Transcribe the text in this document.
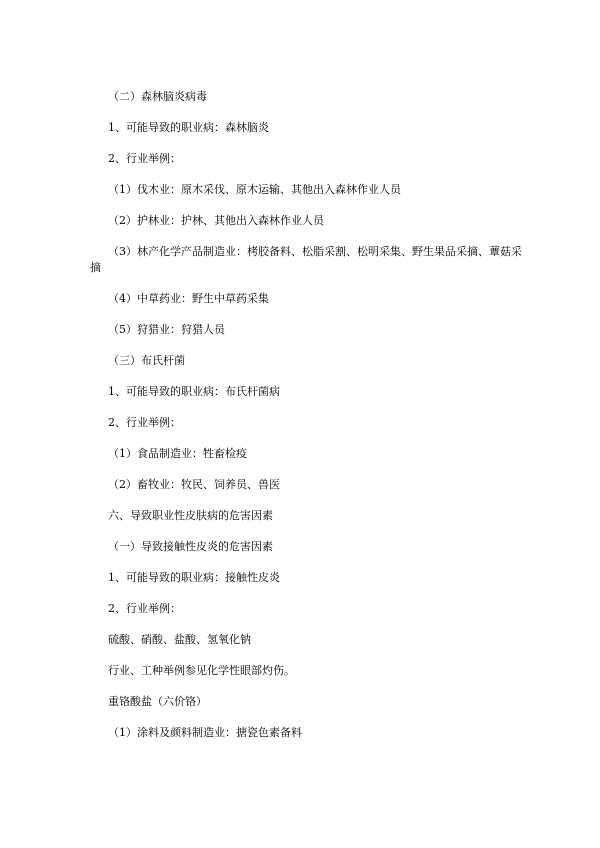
（二）森林脑炎病毒
1、可能导致的职业病：森林脑炎
2、行业举例：
（1）伐木业：原木采伐、原木运输、其他出入森林作业人员
（2）护林业：护林、其他出入森林作业人员
（3）林产化学产品制造业：栲胶备料、松脂采割、松明采集、野生果品采摘、蕈菇采
摘
（4）中草药业：野生中草药采集
（5）狩猎业：狩猎人员
（三）布氏杆菌
1、可能导致的职业病：布氏杆菌病
2、行业举例：
（1）食品制造业：牲畜检疫
（2）畜牧业：牧民、饲养员、兽医
六、导致职业性皮肤病的危害因素
（一）导致接触性皮炎的危害因素
1、可能导致的职业病：接触性皮炎
2、行业举例：
硫酸、硝酸、盐酸、氢氧化钠
行业、工种举例参见化学性眼部灼伤。
重铬酸盐（六价铬）
（1）涂料及颜料制造业：搪瓷色素备料
